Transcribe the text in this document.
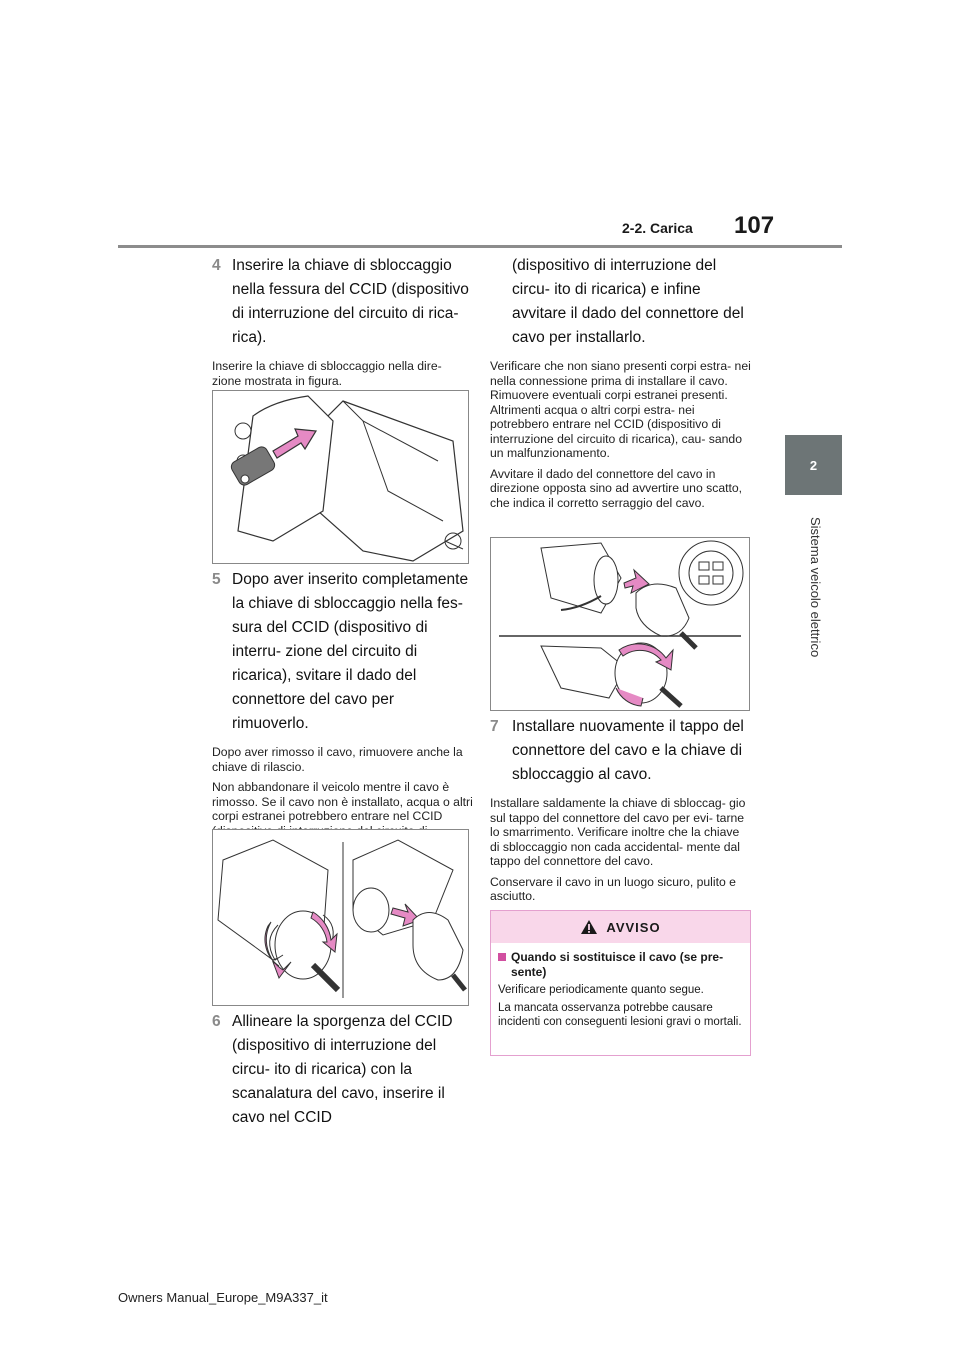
2-2. Carica 107
2
Sistema veicolo elettrico
4 Inserire la chiave di sbloccaggio nella fessura del CCID (dispositivo di interruzione del circuito di rica- rica).

Inserire la chiave di sbloccaggio nella dire- zione mostrata in figura.

5 Dopo aver inserito completamente la chiave di sbloccaggio nella fes- sura del CCID (dispositivo di interru- zione del circuito di ricarica), svitare il dado del connettore del cavo per rimuoverlo.

Dopo aver rimosso il cavo, rimuovere anche la chiave di rilascio.

Non abbandonare il veicolo mentre il cavo è rimosso. Se il cavo non è installato, acqua o altri corpi estranei potrebbero entrare nel CCID

6 Allineare la sporgenza del CCID (dispositivo di interruzione del circu- ito di ricarica) con la scanalatura del cavo, inserire il cavo nel CCID
(dispositivo di interruzione del circu- ito di ricarica) e infine avvitare il dado del connettore del cavo per installarlo.

Verificare che non siano presenti corpi estra- nei nella connessione prima di installare il cavo. Rimuovere eventuali corpi estranei presenti. Altrimenti acqua o altri corpi estra- nei potrebbero entrare nel CCID (dispositivo di interruzione del circuito di ricarica), cau- sando un malfunzionamento.

Avvitare il dado del connettore del cavo in direzione opposta sino ad avvertire uno scatto, che indica il corretto serraggio del cavo.

7 Installare nuovamente il tappo del connettore del cavo e la chiave di sbloccaggio al cavo.

Installare saldamente la chiave di sbloccag- gio sul tappo del connettore del cavo per evi- tarne lo smarrimento. Verificare inoltre che la chiave di sbloccaggio non cada accidental- mente dal tappo del connettore del cavo.

Conservare il cavo in un luogo sicuro, pulito e asciutto.

AVVISO
Quando si sostituisce il cavo (se pre- sente)
Verificare periodicamente quanto segue.
La mancata osservanza potrebbe causare incidenti con conseguenti lesioni gravi o mortali.
Owners Manual_Europe_M9A337_it
